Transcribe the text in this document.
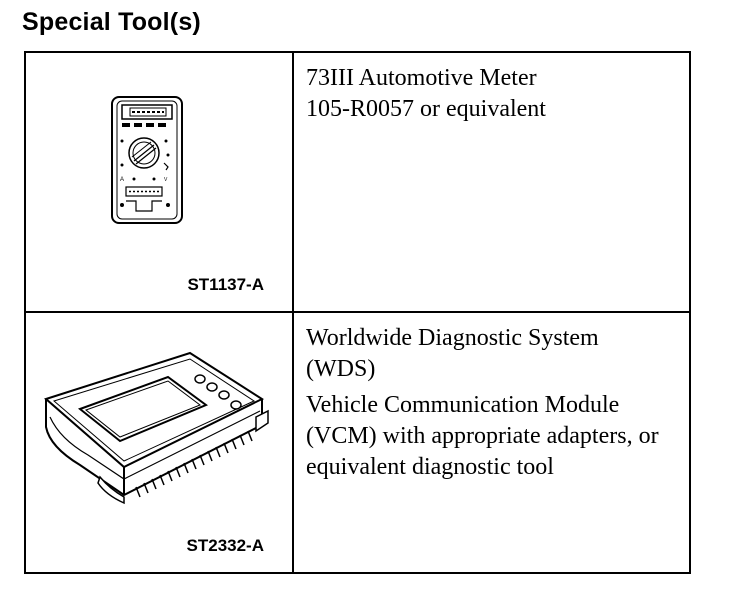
Special Tool(s)
A	V
ST1137-A

73III Automotive Meter

105-R0057 or equivalent

ST2332-A

Worldwide Diagnostic System (WDS)

Vehicle Communication Module (VCM) with appropriate adapters, or equivalent diagnostic tool
